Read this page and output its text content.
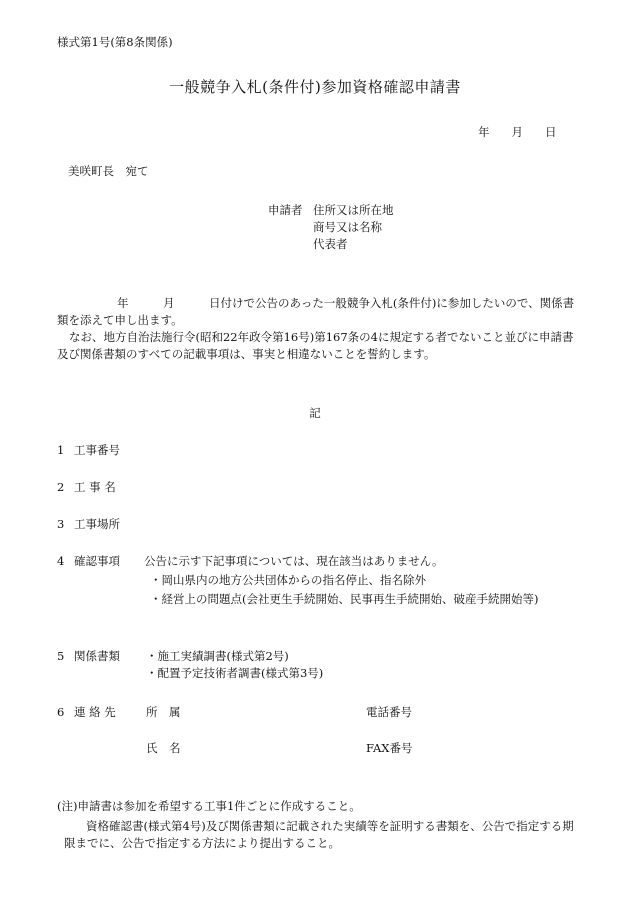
様式第1号(第8条関係)
一般競争入札(条件付)参加資格確認申請書
年 月 日
美咲町長　宛て
申請者 住所又は所在地
商号又は名称
代表者

年　　　月　　　日付けで公告のあった一般競争入札(条件付)に参加したいので、関係書類を添えて申し出ます。

なお、地方自治法施行令(昭和22年政令第16号)第167条の4に規定する者でないこと並びに申請書及び関係書類のすべての記載事項は、事実と相違ないことを誓約します。

記
1 工事番号
2 工 事 名
3 工事場所
4 確認事項 公告に示す下記事項については、現在該当はありません。
・岡山県内の地方公共団体からの指名停止、指名除外
・経営上の問題点(会社更生手続開始、民事再生手続開始、破産手続開始等)
5 関係書類 ・施工実績調書(様式第2号)
・配置予定技術者調書(様式第3号)
6 連 絡 先	所　属	電話番号
氏　名	FAX番号
(注)申請書は参加を希望する工事1件ごとに作成すること。
資格確認書(様式第4号)及び関係書類に記載された実績等を証明する書類を、公告で指定する期限までに、公告で指定する方法により提出すること。
